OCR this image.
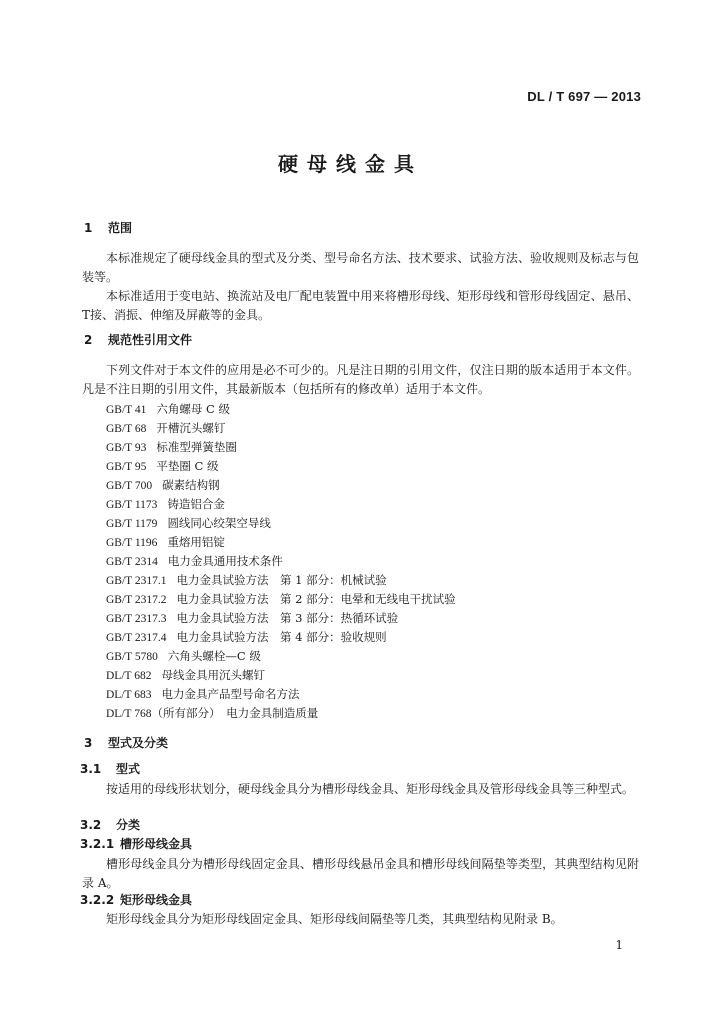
DL / T 697 — 2013
硬母线金具
1 范围
本标准规定了硬母线金具的型式及分类、型号命名方法、技术要求、试验方法、验收规则及标志与包装等。
本标准适用于变电站、换流站及电厂配电装置中用来将槽形母线、矩形母线和管形母线固定、悬吊、T接、消振、伸缩及屏蔽等的金具。
2 规范性引用文件
下列文件对于本文件的应用是必不可少的。凡是注日期的引用文件，仅注日期的版本适用于本文件。凡是不注日期的引用文件，其最新版本（包括所有的修改单）适用于本文件。
GB/T 41 六角螺母 C 级
GB/T 68 开槽沉头螺钉
GB/T 93 标准型弹簧垫圈
GB/T 95 平垫圈 C 级
GB/T 700 碳素结构钢
GB/T 1173 铸造铝合金
GB/T 1179 圆线同心绞架空导线
GB/T 1196 重熔用铝锭
GB/T 2314 电力金具通用技术条件
GB/T 2317.1 电力金具试验方法　第 1 部分：机械试验
GB/T 2317.2 电力金具试验方法　第 2 部分：电晕和无线电干扰试验
GB/T 2317.3 电力金具试验方法　第 3 部分：热循环试验
GB/T 2317.4 电力金具试验方法　第 4 部分：验收规则
GB/T 5780 六角头螺栓—C 级
DL/T 682 母线金具用沉头螺钉
DL/T 683 电力金具产品型号命名方法
DL/T 768（所有部分）　电力金具制造质量
3 型式及分类
3.1 型式
按适用的母线形状划分，硬母线金具分为槽形母线金具、矩形母线金具及管形母线金具等三种型式。
3.2 分类
3.2.1 槽形母线金具
槽形母线金具分为槽形母线固定金具、槽形母线悬吊金具和槽形母线间隔垫等类型，其典型结构见附录 A。
3.2.2 矩形母线金具
矩形母线金具分为矩形母线固定金具、矩形母线间隔垫等几类，其典型结构见附录 B。
1
